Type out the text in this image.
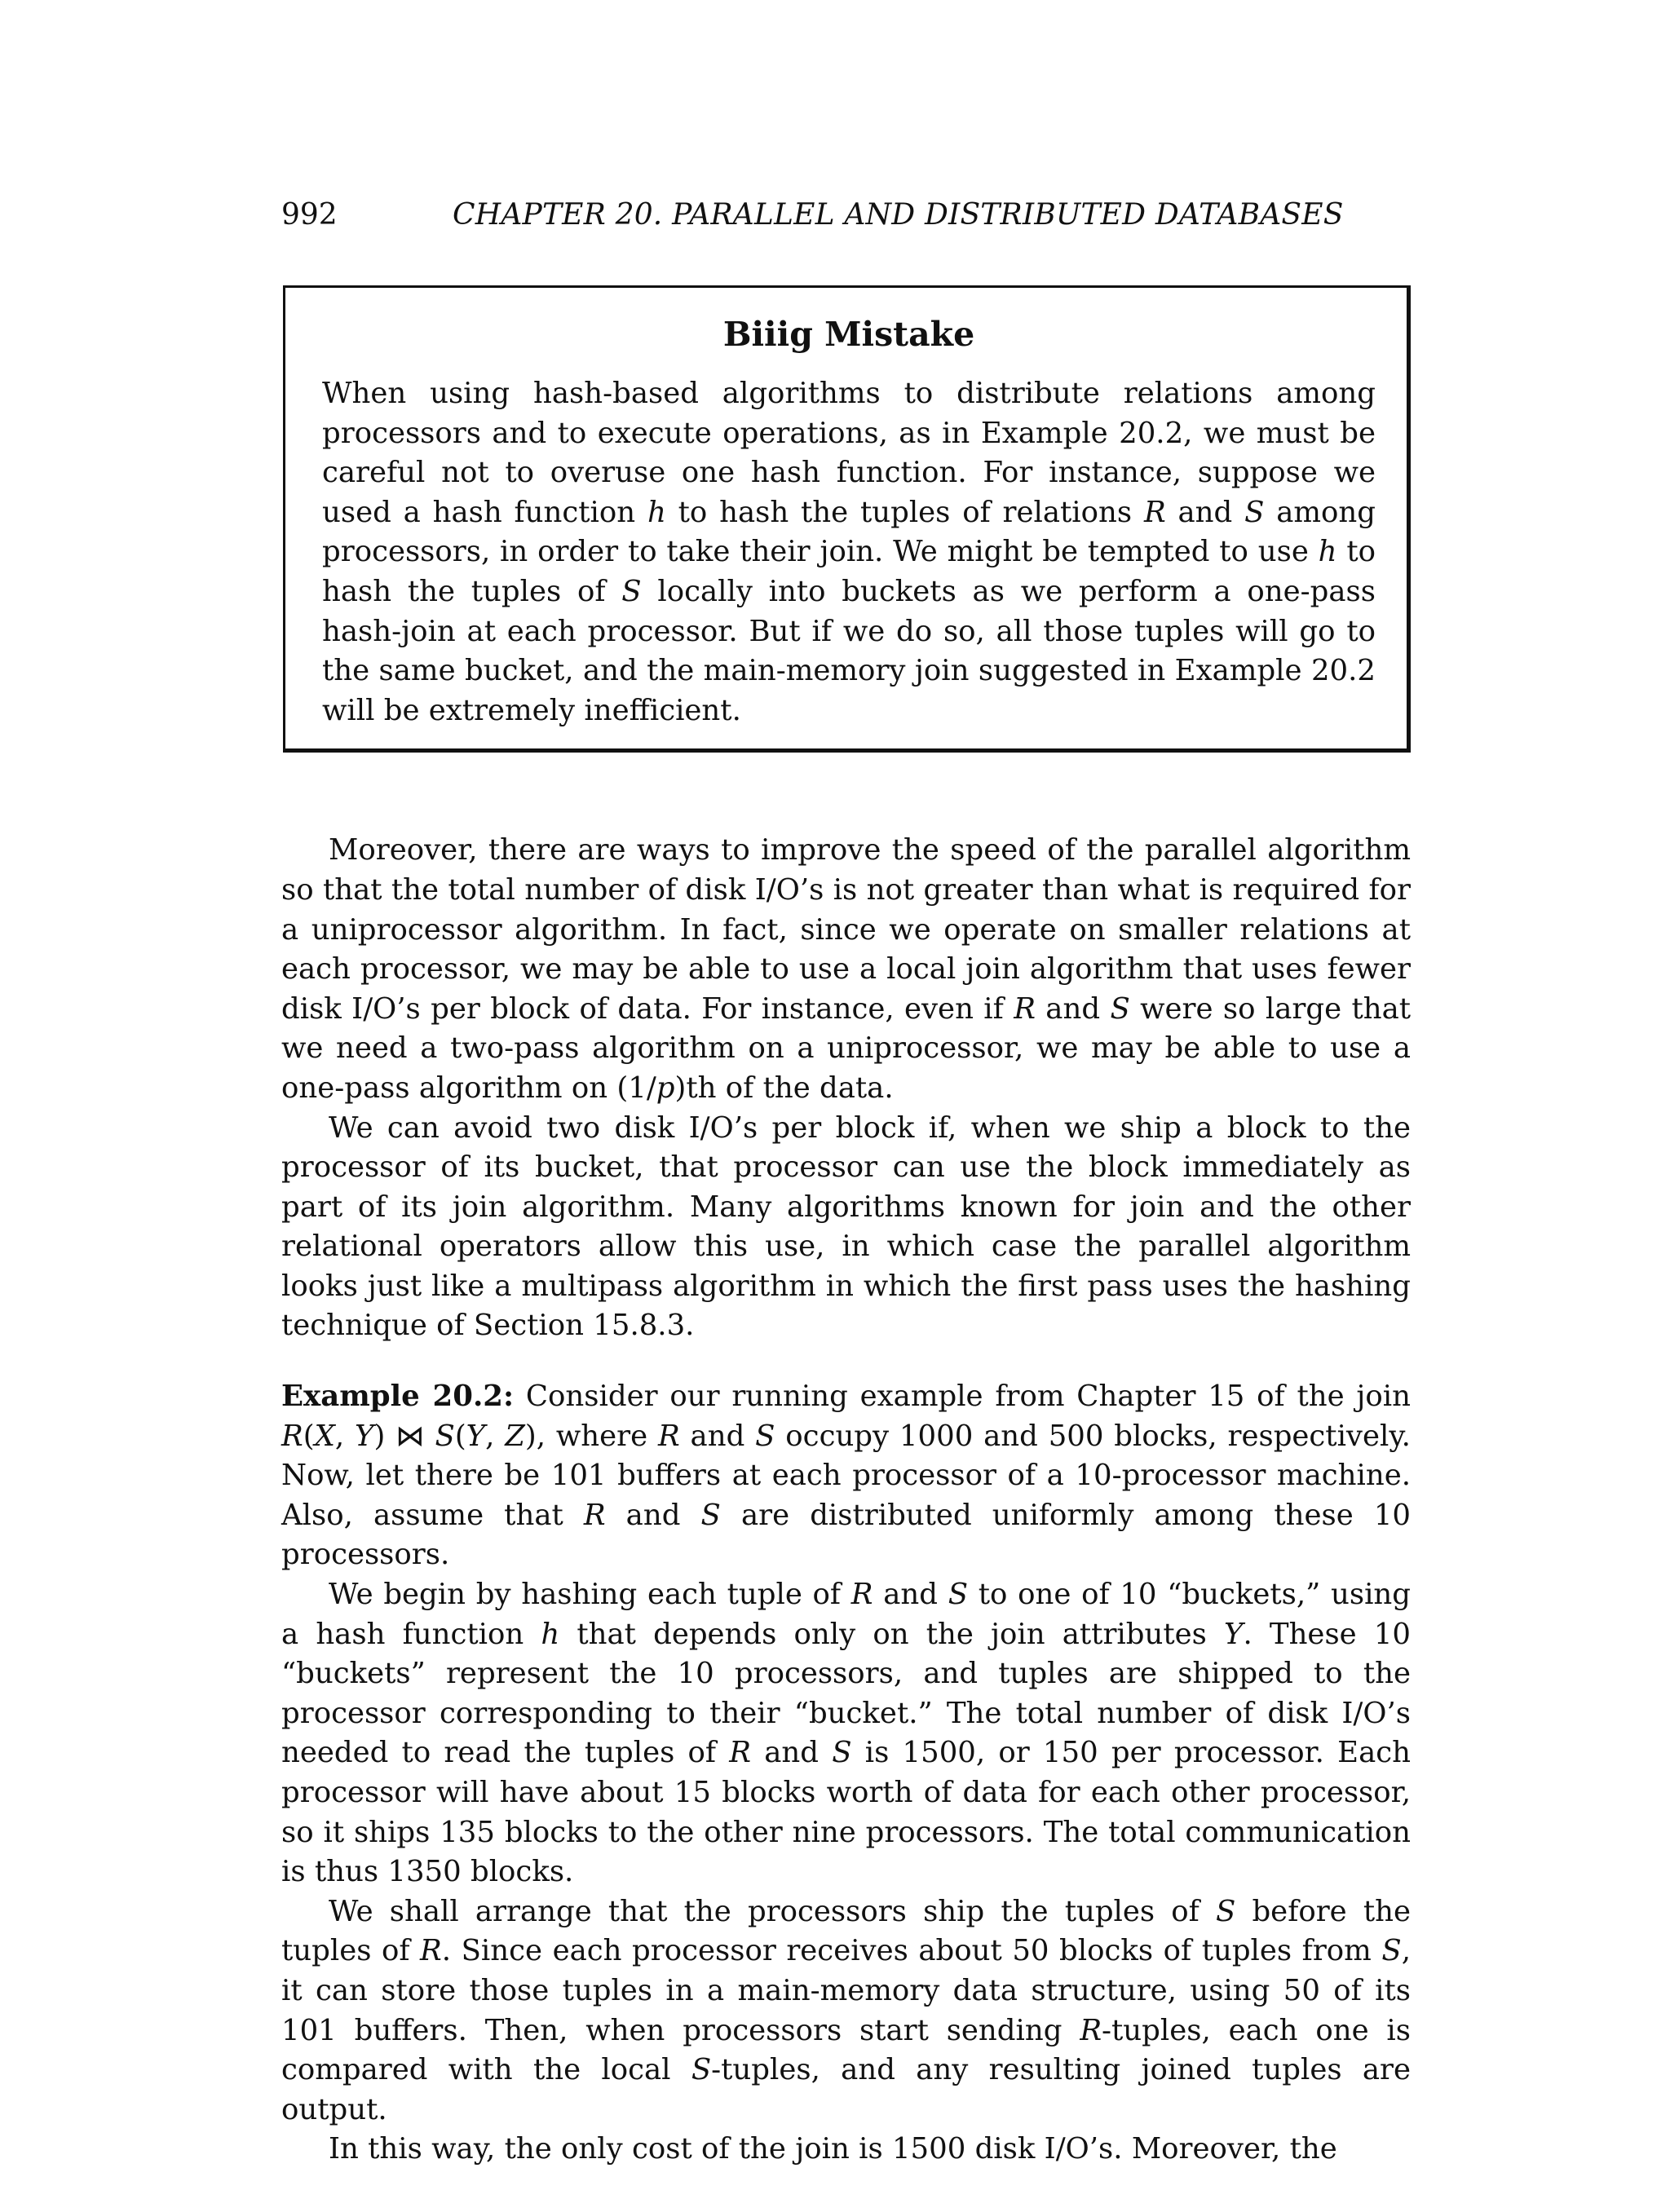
992	CHAPTER 20. PARALLEL AND DISTRIBUTED DATABASES
Biiig Mistake

When using hash-based algorithms to distribute relations among processors and to execute operations, as in Example 20.2, we must be careful not to overuse one hash function. For instance, suppose we used a hash function h to hash the tuples of relations R and S among processors, in order to take their join. We might be tempted to use h to hash the tuples of S locally into buckets as we perform a one-pass hash-join at each processor. But if we do so, all those tuples will go to the same bucket, and the main-memory join suggested in Example 20.2 will be extremely inefficient.

Moreover, there are ways to improve the speed of the parallel algorithm so that the total number of disk I/O’s is not greater than what is required for a uniprocessor algorithm. In fact, since we operate on smaller relations at each processor, we may be able to use a local join algorithm that uses fewer disk I/O’s per block of data. For instance, even if R and S were so large that we need a two-pass algorithm on a uniprocessor, we may be able to use a one-pass algorithm on (1/p)th of the data.

We can avoid two disk I/O’s per block if, when we ship a block to the processor of its bucket, that processor can use the block immediately as part of its join algorithm. Many algorithms known for join and the other relational operators allow this use, in which case the parallel algorithm looks just like a multipass algorithm in which the first pass uses the hashing technique of Section 15.8.3.

Example 20.2: Consider our running example from Chapter 15 of the join R(X, Y) ⋈ S(Y, Z), where R and S occupy 1000 and 500 blocks, respectively. Now, let there be 101 buffers at each processor of a 10-processor machine. Also, assume that R and S are distributed uniformly among these 10 processors.

We begin by hashing each tuple of R and S to one of 10 “buckets,” using a hash function h that depends only on the join attributes Y. These 10 “buckets” represent the 10 processors, and tuples are shipped to the processor corresponding to their “bucket.” The total number of disk I/O’s needed to read the tuples of R and S is 1500, or 150 per processor. Each processor will have about 15 blocks worth of data for each other processor, so it ships 135 blocks to the other nine processors. The total communication is thus 1350 blocks.

We shall arrange that the processors ship the tuples of S before the tuples of R. Since each processor receives about 50 blocks of tuples from S, it can store those tuples in a main-memory data structure, using 50 of its 101 buffers. Then, when processors start sending R-tuples, each one is compared with the local S-tuples, and any resulting joined tuples are output.

In this way, the only cost of the join is 1500 disk I/O’s. Moreover, the
